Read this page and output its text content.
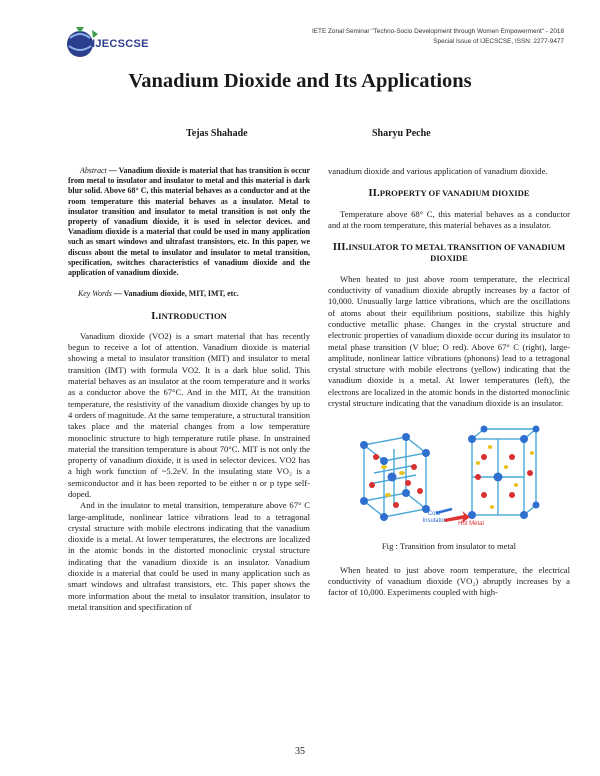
IJECSCSE
IETE Zonal Seminar "Techno-Socio Development through Women Empowerment" - 2018
Special Issue of IJECSCSE, ISSN: 2277-9477
Vanadium Dioxide and Its Applications
Tejas Shahade	Sharyu Peche

Abstract — Vanadium dioxide is material that has transition is occur from metal to insulator and insulator to metal and this material is dark blur solid. Above 68° C, this material behaves as a conductor and at the room temperature this material behaves as a insulator. Metal to insulator transition and insulator to metal transition is not only the property of vanadium dioxide, it is used in selector devices. and Vanadium dioxide is a material that could be used in many application such as smart windows and ultrafast transistors, etc. In this paper, we discuss about the metal to insulator and insulator to metal transition, specification, switches characteristics of vanadium dioxide and the application of vanadium dioxide.

Key Words — Vanadium dioxide, MIT, IMT, etc.

I.INTRODUCTION

Vanadium dioxide (VO2) is a smart material that has recently begun to receive a lot of attention. Vanadium dioxide is material showing a metal to insulator transition (MIT) and insulator to metal transition (IMT) with formula VO2. It is a dark blue solid. This material behaves as an insulator at the room temperature and it works as a conductor above the 67°C. And in the MIT, At the transition temperature, the resistivity of the vanadium dioxide changes by up to 4 orders of magnitude. At the same temperature, a structural transition takes place and the material changes from a low temperature monoclinic structure to high temperature rutile phase. In unstrained material the transition temperature is about 70°C. MIT is not only the property of vanadium dioxide, it is used in selector devices. VO2 has a high work function of ~5.2eV. In the insulating state VO₂ is a semiconductor and it has been reported to be either n or p type self-doped.

And in the insulator to metal transition, temperature above 67° C large-amplitude, nonlinear lattice vibrations lead to a tetragonal crystal structure with mobile electrons indicating that the vanadium dioxide is a metal. At lower temperatures, the electrons are localized in the atomic bonds in the distorted monoclinic crystal structure indicating that the vanadium dioxide is an insulator. Vanadium dioxide is a material that could be used in many application such as smart windows and ultrafast transistors, etc. This paper shows the more information about the metal to insulator transition, insulator to metal transition and specification of

vanadium dioxide and various application of vanadium dioxide.

II.PROPERTY OF VANADIUM DIOXIDE

Temperature above 68° C, this material behaves as a conductor and at the room temperature, this material behaves as a insulator.

III.INSULATOR TO METAL TRANSITION OF VANADIUM DIOXIDE

When heated to just above room temperature, the electrical conductivity of vanadium dioxide abruptly increases by a factor of 10,000. Unusually large lattice vibrations, which are the oscillations of atoms about their equilibrium positions, stabilize this highly conductive metallic phase. Changes in the crystal structure and electronic properties of vanadium dioxide occur during its insulator to metal phase transition (V blue; O red). Above 67° C (right), large-amplitude, nonlinear lattice vibrations (phonons) lead to a tetragonal crystal structure with mobile electrons (yellow) indicating that the vanadium dioxide is a metal. At lower temperatures (left), the electrons are localized in the atomic bonds in the distorted monoclinic crystal structure indicating that the vanadium dioxide is an insulator.

Cold Insulator	Hot Metal
Fig : Transition from insulator to metal

When heated to just above room temperature, the electrical conductivity of vanadium dioxide (VO₂) abruptly increases by a factor of 10,000. Experiments coupled with high-

35
